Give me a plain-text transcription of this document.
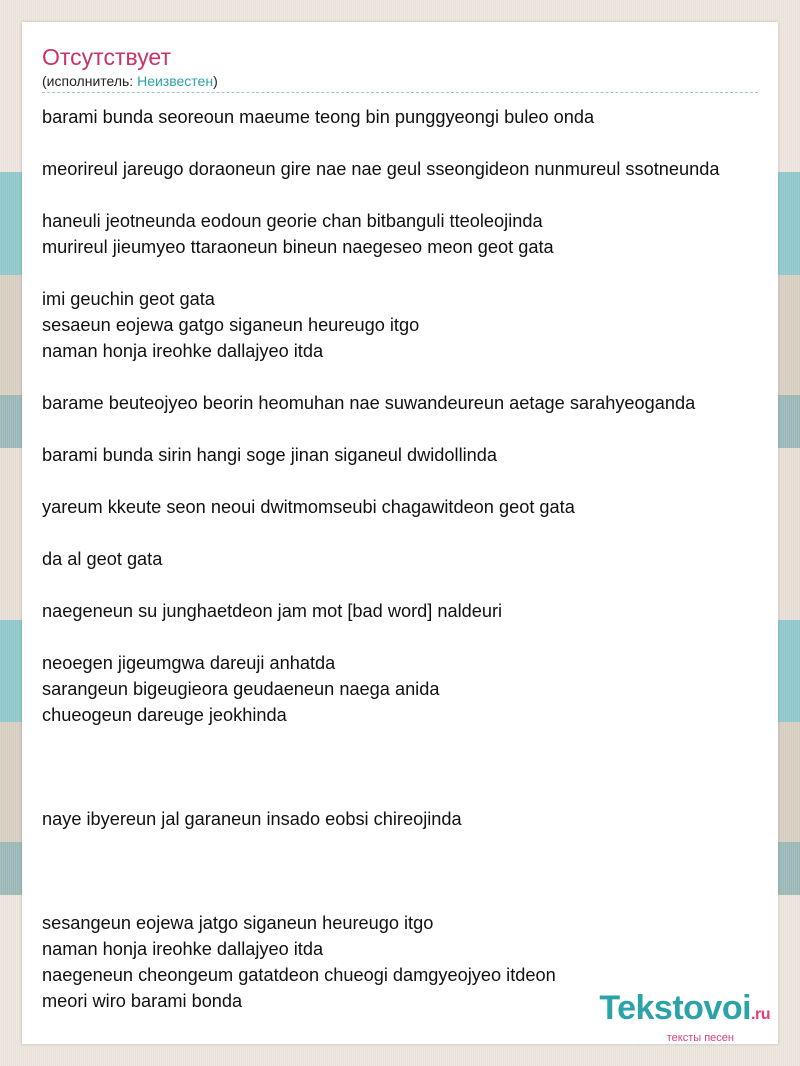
Отсутствует
(исполнитель: Неизвестен)
barami bunda seoreoun maeume teong bin punggyeongi buleo onda
meorireul jareugo doraoneun gire nae nae geul sseongideon nunmureul ssotneunda
haneuli jeotneunda eodoun georie chan bitbanguli tteoleojinda
murireul jieumyeo ttaraoneun bineun naegeseo meon geot gata
imi geuchin geot gata
sesaeun eojewa gatgo siganeun heureugo itgo
naman honja ireohke dallajyeo itda
barame beuteojyeo beorin heomuhan nae suwandeureun aetage sarahyeoganda
barami bunda sirin hangi soge jinan siganeul dwidollinda
yareum kkeute seon neoui dwitmomseubi chagawitdeon geot gata
da al geot gata
naegeneun su junghaetdeon jam mot [bad word] naldeuri
neoegen jigeumgwa dareuji anhatda
sarangeun bigeugieora geudaeneun naega anida
chueogeun dareuge jeokhinda
naye ibyereun jal garaneun insado eobsi chireojinda
sesangeun eojewa jatgo siganeun heureugo itgo
naman honja ireohke dallajyeo itda
naegeneun cheongeum gatatdeon chueogi damgyeojyeo itdeon
meori wiro barami bonda	Tekstovoi.ru
тексты песен
